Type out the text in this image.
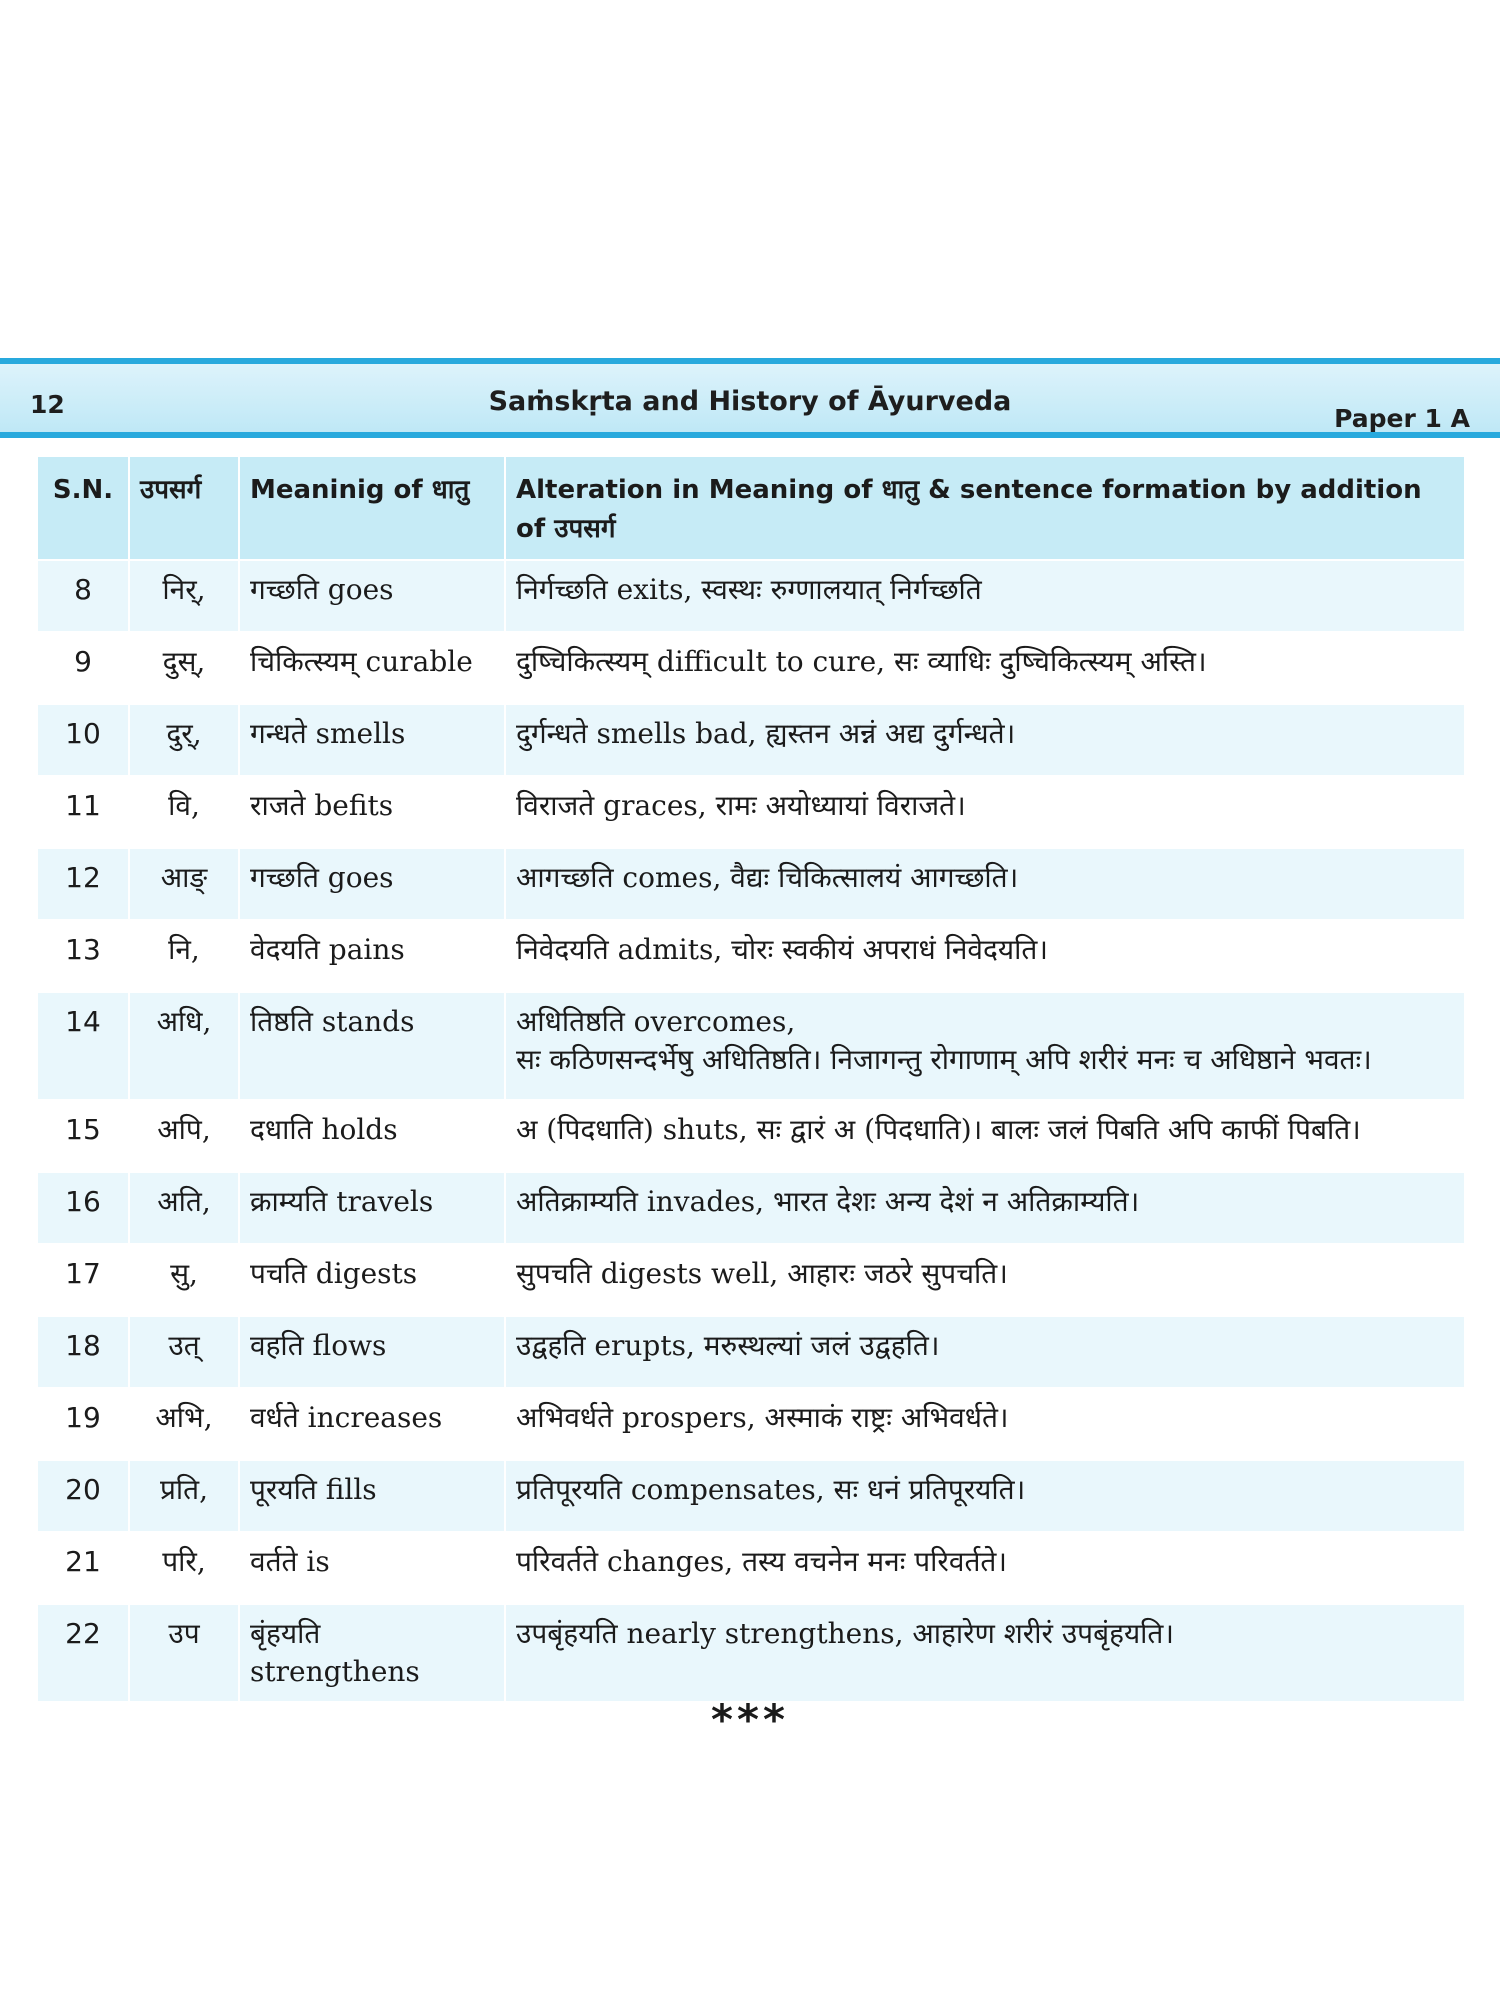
12	Saṁskṛta and History of Āyurveda
Paper 1 A
S.N.	उपसर्ग	Meaninig of धातु	Alteration in Meaning of धातु & sentence formation by addition of उपसर्ग
8	निर्,	गच्छति goes	निर्गच्छति exits, स्वस्थः रुग्णालयात् निर्गच्छति

9	दुस्,	चिकित्स्यम् curable	दुष्चिकित्स्यम् difficult to cure, सः व्याधिः दुष्चिकित्स्यम् अस्ति।

10	दुर्,	गन्धते smells	दुर्गन्धते smells bad, ह्यस्तन अन्नं अद्य दुर्गन्धते।

11	वि,	राजते befits	विराजते graces, रामः अयोध्यायां विराजते।

12	आङ्	गच्छति goes	आगच्छति comes, वैद्यः चिकित्सालयं आगच्छति।

13	नि,	वेदयति pains	निवेदयति admits, चोरः स्वकीयं अपराधं निवेदयति।

14	अधि,	तिष्ठति stands	अधितिष्ठति overcomes,
सः कठिणसन्दर्भेषु अधितिष्ठति। निजागन्तु रोगाणाम् अपि शरीरं मनः च अधिष्ठाने भवतः।

15	अपि,	दधाति holds	अ (पिदधाति) shuts, सः द्वारं अ (पिदधाति)। बालः जलं पिबति अपि काफीं पिबति।

16	अति,	क्राम्यति travels	अतिक्राम्यति invades, भारत देशः अन्य देशं न अतिक्राम्यति।

17	सु,	पचति digests	सुपचति digests well, आहारः जठरे सुपचति।

18	उत्	वहति flows	उद्वहति erupts, मरुस्थल्यां जलं उद्वहति।

19	अभि,	वर्धते increases	अभिवर्धते prospers, अस्माकं राष्ट्रः अभिवर्धते।

20	प्रति,	पूरयति fills	प्रतिपूरयति compensates, सः धनं प्रतिपूरयति।

21	परि,	वर्तते is	परिवर्तते changes, तस्य वचनेन मनः परिवर्तते।

22	उप	बृंहयति strengthens	उपबृंहयति nearly strengthens, आहारेण शरीरं उपबृंहयति।
***
